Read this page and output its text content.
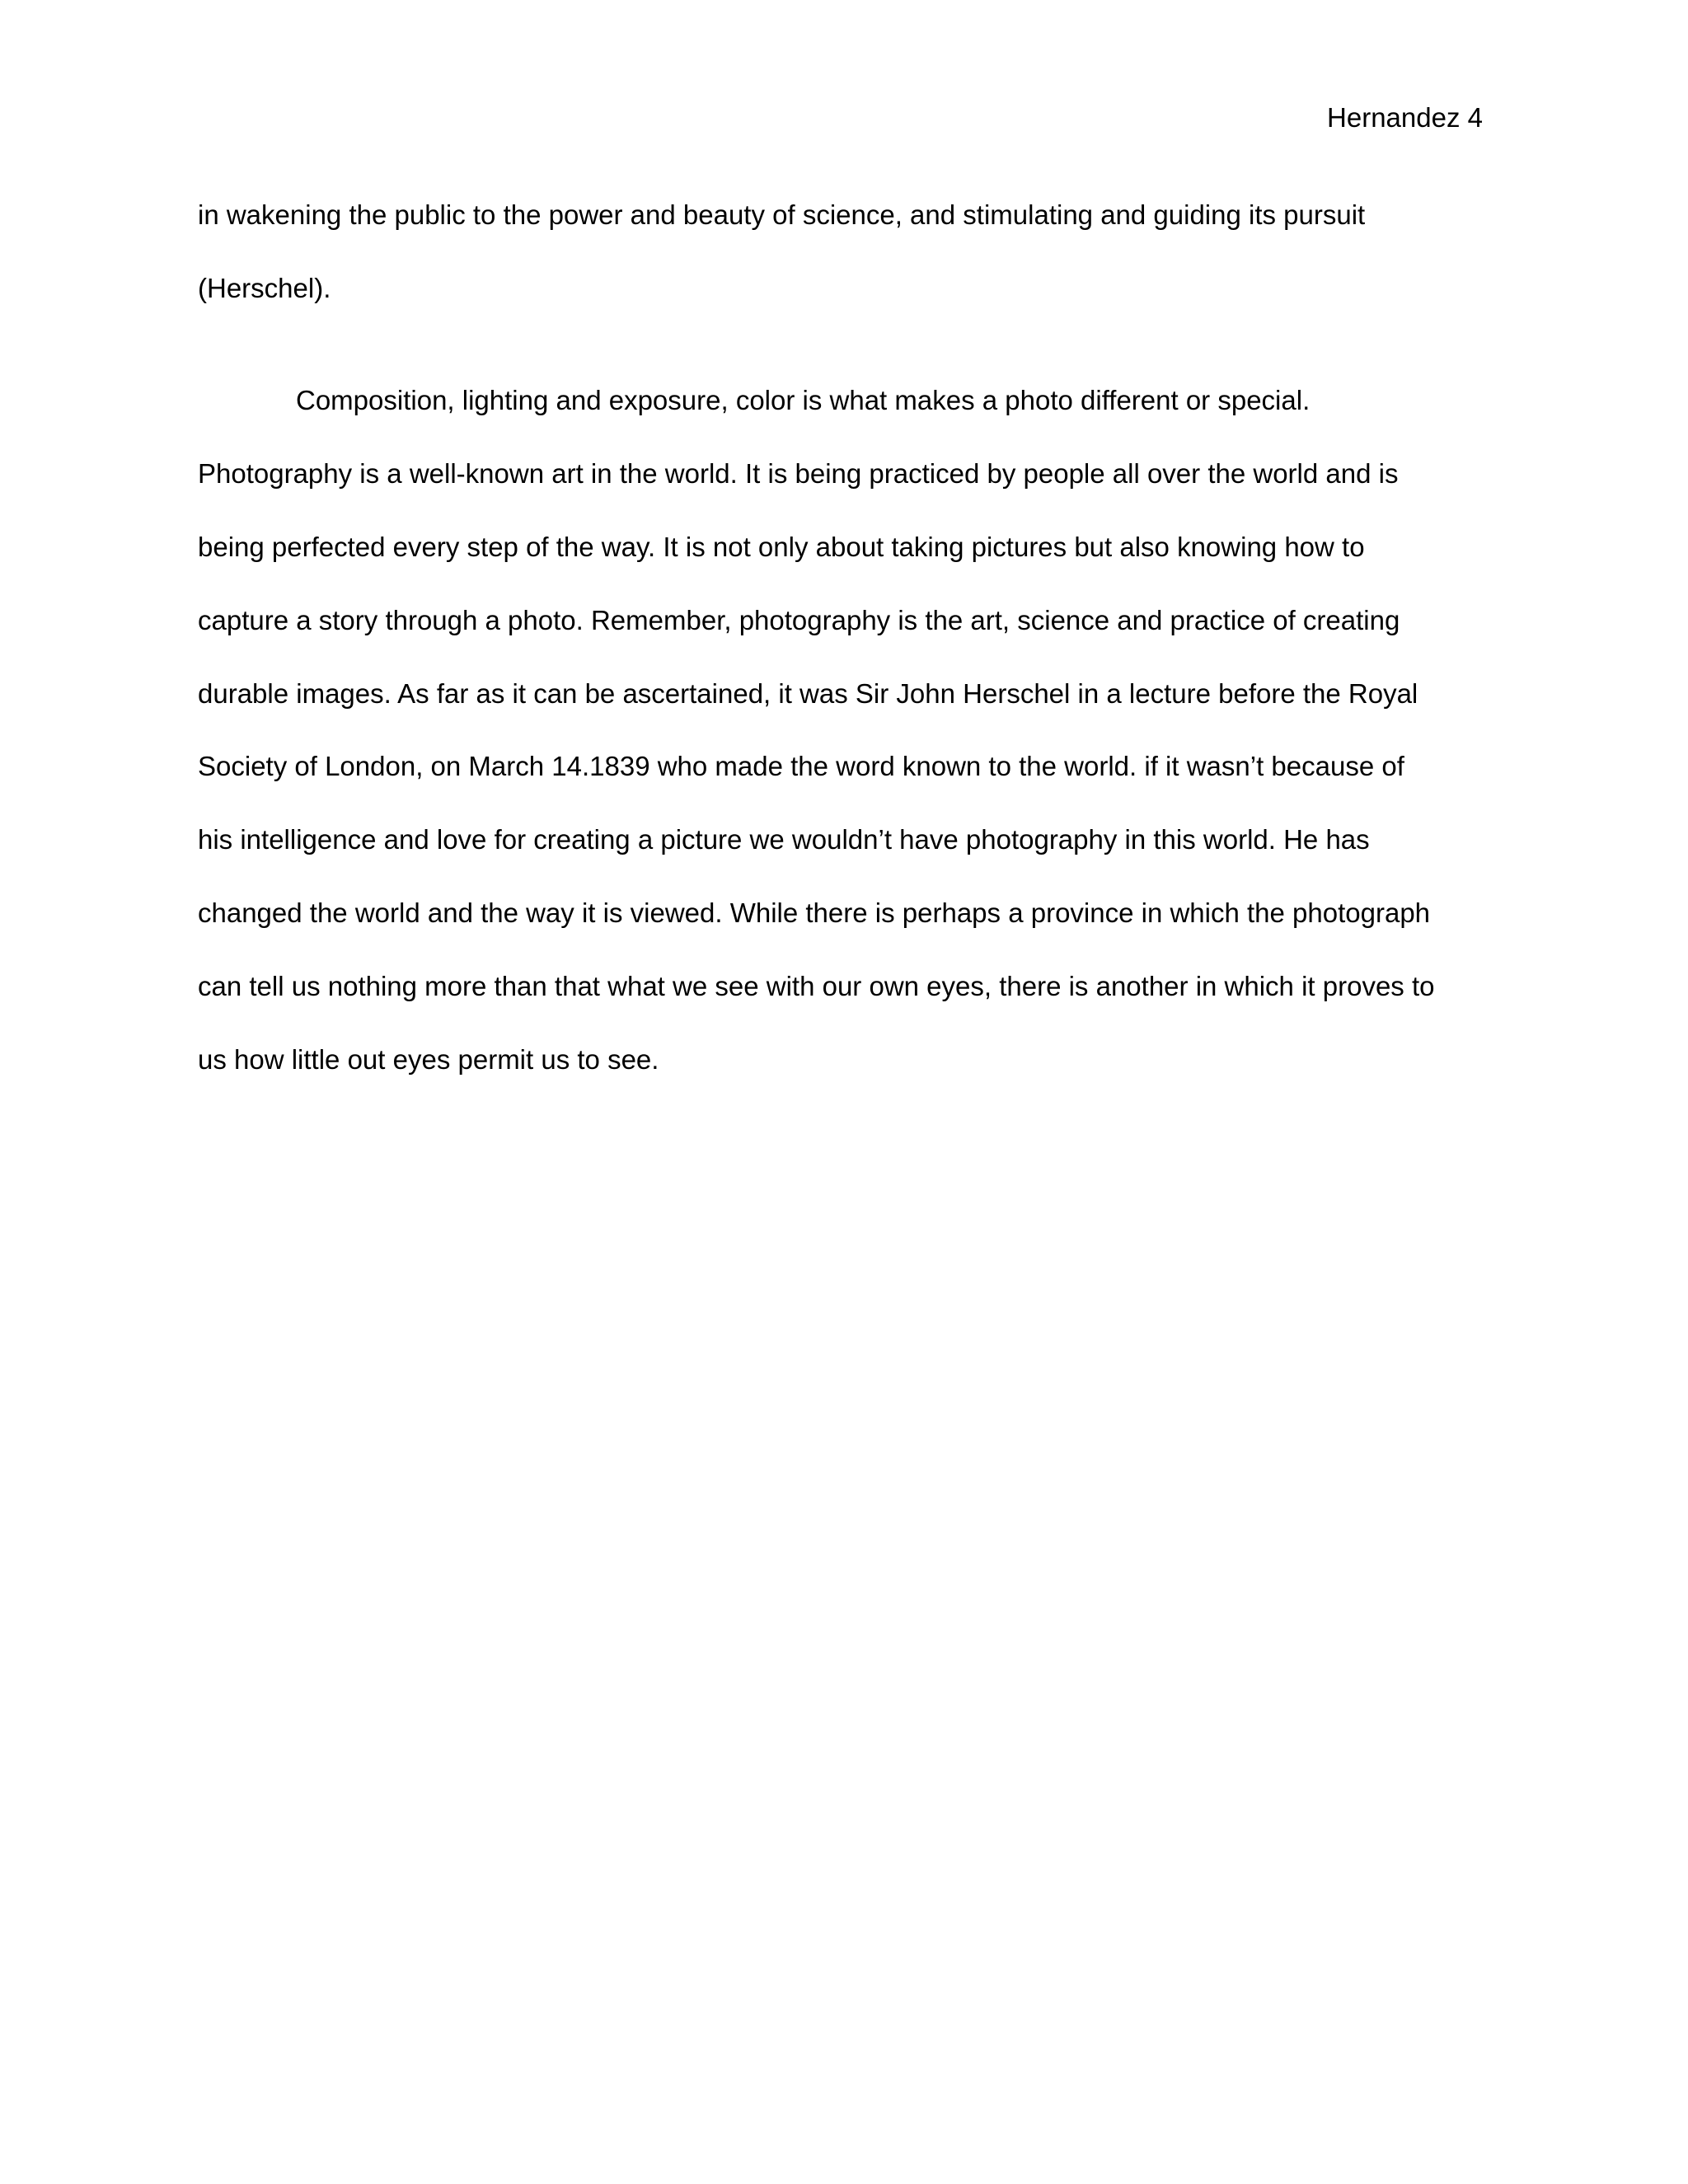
Hernandez 4
in wakening the public to the power and beauty of science, and stimulating and guiding its pursuit
(Herschel).
Composition, lighting and exposure, color is what makes a photo different or special.
Photography is a well-known art in the world. It is being practiced by people all over the world and is
being perfected every step of the way. It is not only about taking pictures but also knowing how to
capture a story through a photo. Remember, photography is the art, science and practice of creating
durable images. As far as it can be ascertained, it was Sir John Herschel in a lecture before the Royal
Society of London, on March 14.1839 who made the word known to the world. if it wasn’t because of
his intelligence and love for creating a picture we wouldn’t have photography in this world. He has
changed the world and the way it is viewed. While there is perhaps a province in which the photograph
can tell us nothing more than that what we see with our own eyes, there is another in which it proves to
us how little out eyes permit us to see.
